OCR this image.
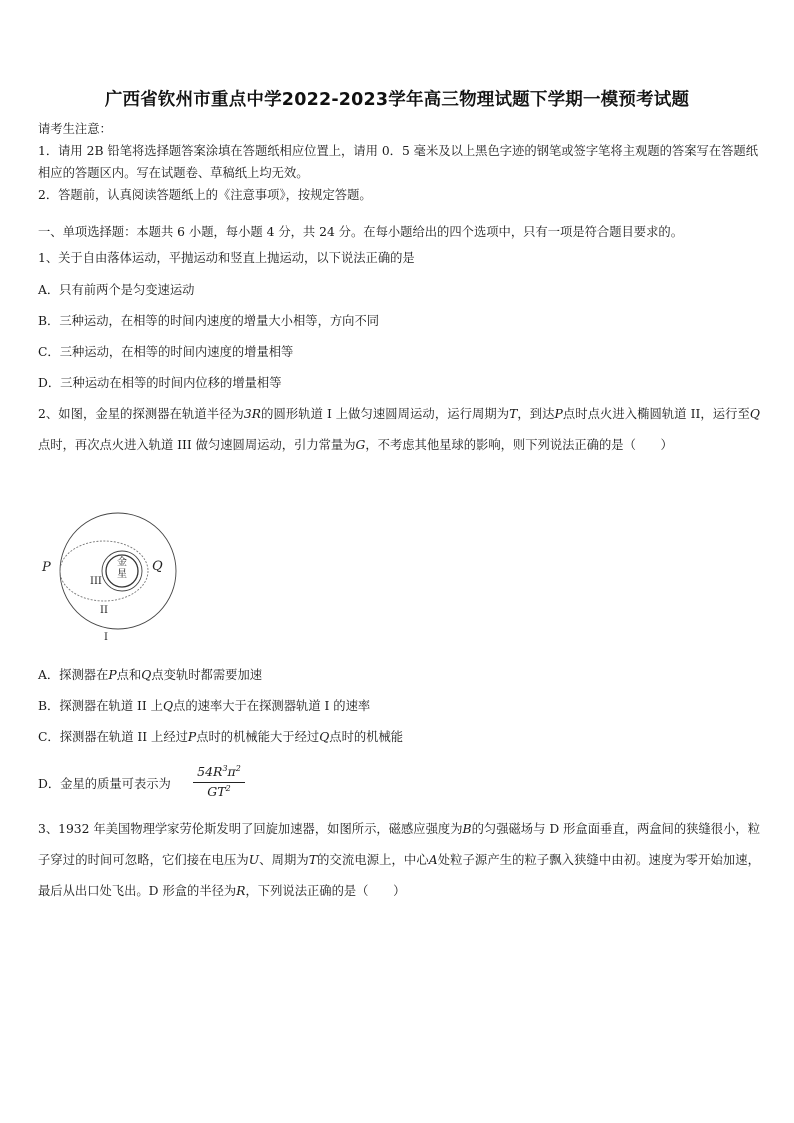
广西省钦州市重点中学2022-2023学年高三物理试题下学期一模预考试题
请考生注意：
1．请用 2B 铅笔将选择题答案涂填在答题纸相应位置上，请用 0．5 毫米及以上黑色字迹的钢笔或签字笔将主观题的答案写在答题纸相应的答题区内。写在试题卷、草稿纸上均无效。
2．答题前，认真阅读答题纸上的《注意事项》，按规定答题。
一、单项选择题：本题共 6 小题，每小题 4 分，共 24 分。在每小题给出的四个选项中，只有一项是符合题目要求的。
1、关于自由落体运动，平抛运动和竖直上抛运动，以下说法正确的是
A．只有前两个是匀变速运动
B．三种运动，在相等的时间内速度的增量大小相等，方向不同
C．三种运动，在相等的时间内速度的增量相等
D．三种运动在相等的时间内位移的增量相等
2、如图，金星的探测器在轨道半径为3R的圆形轨道 I 上做匀速圆周运动，运行周期为T，到达P点时点火进入椭圆轨道 II，运行至Q点时，再次点火进入轨道 III 做匀速圆周运动，引力常量为G，不考虑其他星球的影响，则下列说法正确的是（　　）
金
星
P	Q
III
II
I
A．探测器在P点和Q点变轨时都需要加速
B．探测器在轨道 II 上Q点的速率大于在探测器轨道 I 的速率
C．探测器在轨道 II 上经过P点时的机械能大于经过Q点时的机械能
D．金星的质量可表示为
$54R^3\pi^2$
$GT^2$
3、1932 年美国物理学家劳伦斯发明了回旋加速器，如图所示，磁感应强度为B的匀强磁场与 D 形盒面垂直，两盒间的狭缝很小，粒子穿过的时间可忽略，它们接在电压为U、周期为T的交流电源上，中心A处粒子源产生的粒子飘入狭缝中由初。速度为零开始加速，最后从出口处飞出。D 形盒的半径为R，下列说法正确的是（　　）
